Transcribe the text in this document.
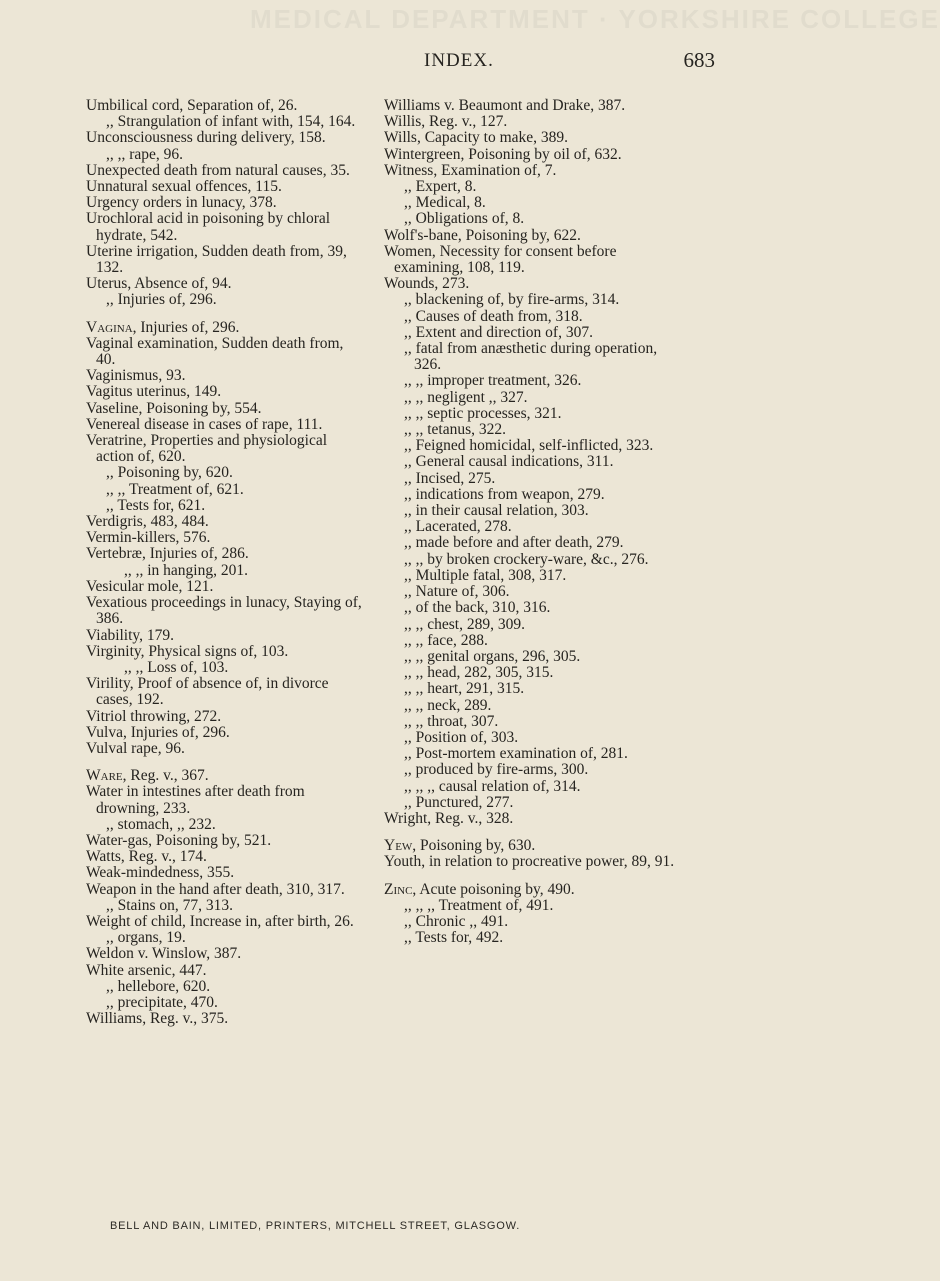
MEDICAL DEPARTMENT · YORKSHIRE COLLEGE
INDEX.	683

Umbilical cord, Separation of, 26.

,, Strangulation of infant with, 154, 164.

Unconsciousness during delivery, 158.

,, ,, rape, 96.

Unexpected death from natural causes, 35.

Unnatural sexual offences, 115.

Urgency orders in lunacy, 378.

Urochloral acid in poisoning by chloral hydrate, 542.

Uterine irrigation, Sudden death from, 39, 132.

Uterus, Absence of, 94.

,, Injuries of, 296.

Vagina, Injuries of, 296.

Vaginal examination, Sudden death from, 40.

Vaginismus, 93.

Vagitus uterinus, 149.

Vaseline, Poisoning by, 554.

Venereal disease in cases of rape, 111.

Veratrine, Properties and physiological action of, 620.

,, Poisoning by, 620.

,, ,, Treatment of, 621.

,, Tests for, 621.

Verdigris, 483, 484.

Vermin-killers, 576.

Vertebræ, Injuries of, 286.

,, ,, in hanging, 201.

Vesicular mole, 121.

Vexatious proceedings in lunacy, Staying of, 386.

Viability, 179.

Virginity, Physical signs of, 103.

,, ,, Loss of, 103.

Virility, Proof of absence of, in divorce cases, 192.

Vitriol throwing, 272.

Vulva, Injuries of, 296.

Vulval rape, 96.

Ware, Reg. v., 367.

Water in intestines after death from drowning, 233.

,, stomach, ,, 232.

Water-gas, Poisoning by, 521.

Watts, Reg. v., 174.

Weak-mindedness, 355.

Weapon in the hand after death, 310, 317.

,, Stains on, 77, 313.

Weight of child, Increase in, after birth, 26.

,, organs, 19.

Weldon v. Winslow, 387.

White arsenic, 447.

,, hellebore, 620.

,, precipitate, 470.

Williams, Reg. v., 375.

Williams v. Beaumont and Drake, 387.

Willis, Reg. v., 127.

Wills, Capacity to make, 389.

Wintergreen, Poisoning by oil of, 632.

Witness, Examination of, 7.

,, Expert, 8.

,, Medical, 8.

,, Obligations of, 8.

Wolf's-bane, Poisoning by, 622.

Women, Necessity for consent before examining, 108, 119.

Wounds, 273.

,, blackening of, by fire-arms, 314.

,, Causes of death from, 318.

,, Extent and direction of, 307.

,, fatal from anæsthetic during operation, 326.

,, ,, improper treatment, 326.

,, ,, negligent ,, 327.

,, ,, septic processes, 321.

,, ,, tetanus, 322.

,, Feigned homicidal, self-inflicted, 323.

,, General causal indications, 311.

,, Incised, 275.

,, indications from weapon, 279.

,, in their causal relation, 303.

,, Lacerated, 278.

,, made before and after death, 279.

,, ,, by broken crockery-ware, &c., 276.

,, Multiple fatal, 308, 317.

,, Nature of, 306.

,, of the back, 310, 316.

,, ,, chest, 289, 309.

,, ,, face, 288.

,, ,, genital organs, 296, 305.

,, ,, head, 282, 305, 315.

,, ,, heart, 291, 315.

,, ,, neck, 289.

,, ,, throat, 307.

,, Position of, 303.

,, Post-mortem examination of, 281.

,, produced by fire-arms, 300.

,, ,, ,, causal relation of, 314.

,, Punctured, 277.

Wright, Reg. v., 328.

Yew, Poisoning by, 630.

Youth, in relation to procreative power, 89, 91.

Zinc, Acute poisoning by, 490.

,, ,, ,, Treatment of, 491.

,, Chronic ,, 491.

,, Tests for, 492.

BELL AND BAIN, LIMITED, PRINTERS, MITCHELL STREET, GLASGOW.
